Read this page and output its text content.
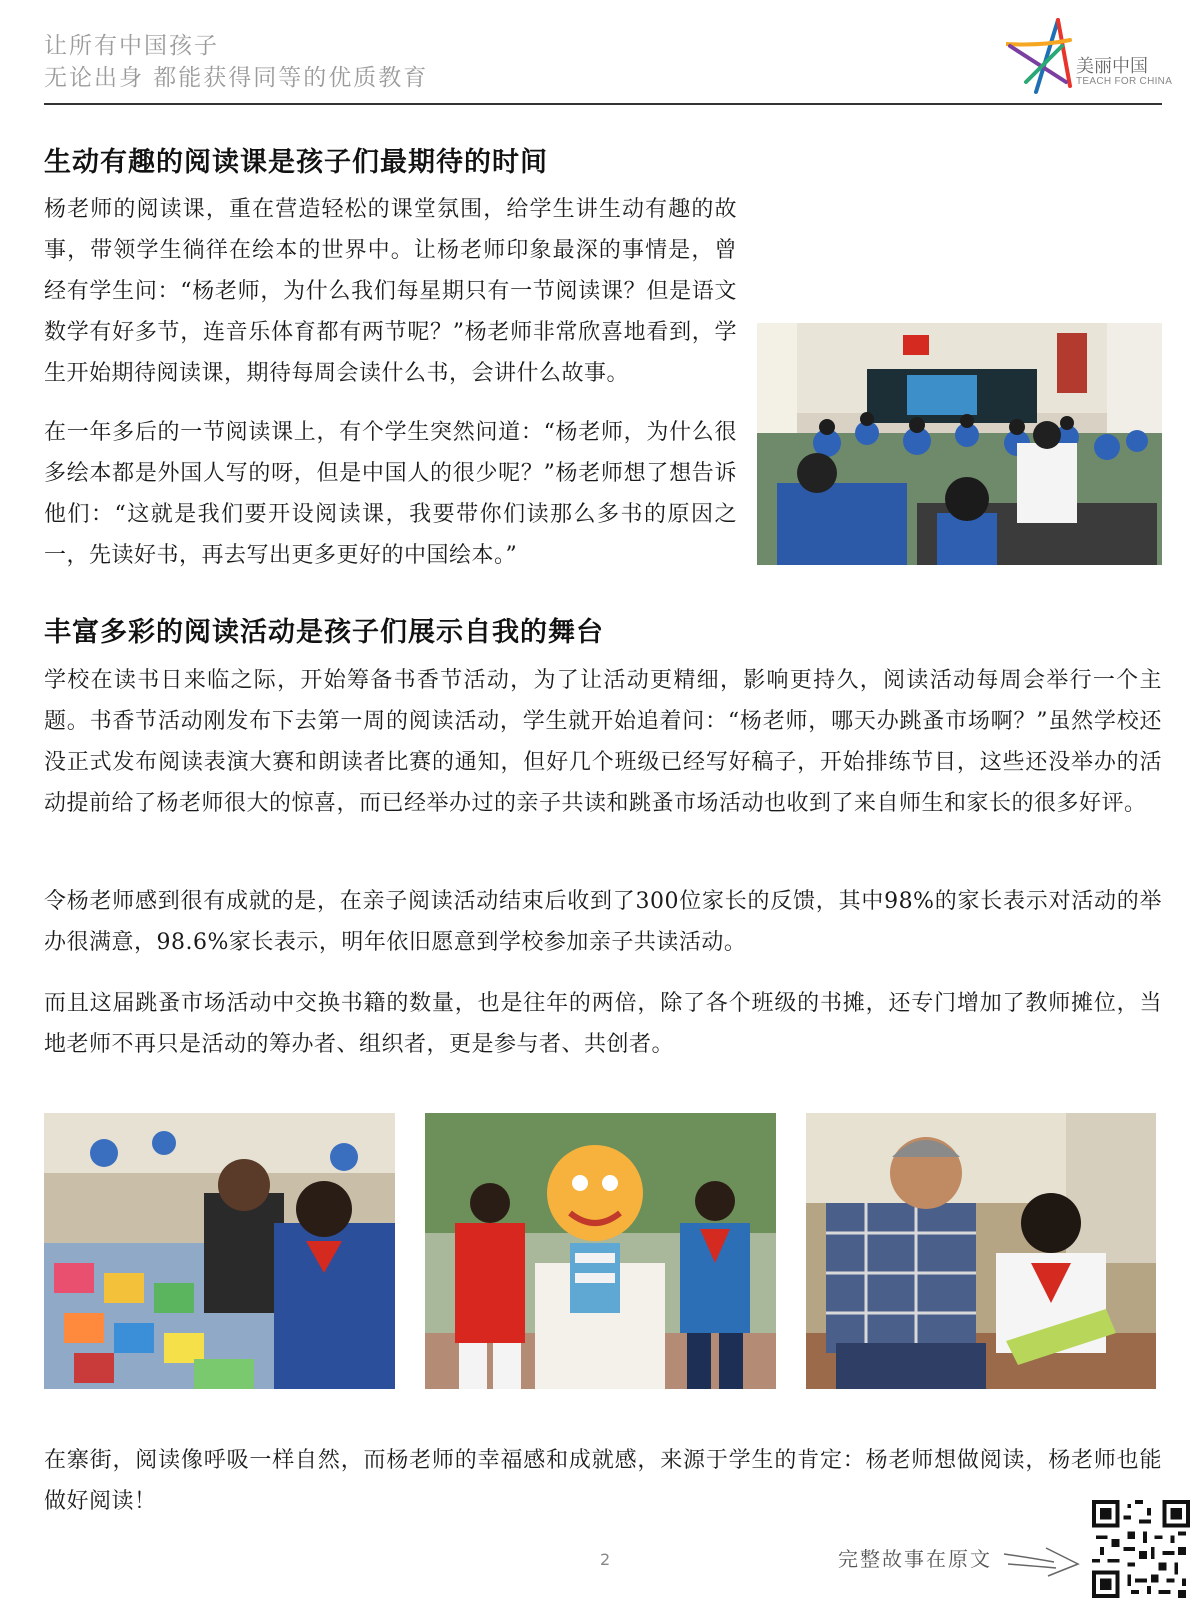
让所有中国孩子
无论出身 都能获得同等的优质教育	美丽中国
TEACH FOR CHINA
生动有趣的阅读课是孩子们最期待的时间

杨老师的阅读课，重在营造轻松的课堂氛围，给学生讲生动有趣的故事，带领学生徜徉在绘本的世界中。让杨老师印象最深的事情是，曾经有学生问：“杨老师，为什么我们每星期只有一节阅读课？但是语文数学有好多节，连音乐体育都有两节呢？”杨老师非常欣喜地看到，学生开始期待阅读课，期待每周会读什么书，会讲什么故事。

在一年多后的一节阅读课上，有个学生突然问道：“杨老师，为什么很多绘本都是外国人写的呀，但是中国人的很少呢？”杨老师想了想告诉他们：“这就是我们要开设阅读课，我要带你们读那么多书的原因之一，先读好书，再去写出更多更好的中国绘本。”

丰富多彩的阅读活动是孩子们展示自我的舞台

学校在读书日来临之际，开始筹备书香节活动，为了让活动更精细，影响更持久，阅读活动每周会举行一个主题。书香节活动刚发布下去第一周的阅读活动，学生就开始追着问：“杨老师，哪天办跳蚤市场啊？”虽然学校还没正式发布阅读表演大赛和朗读者比赛的通知，但好几个班级已经写好稿子，开始排练节目，这些还没举办的活动提前给了杨老师很大的惊喜，而已经举办过的亲子共读和跳蚤市场活动也收到了来自师生和家长的很多好评。

令杨老师感到很有成就的是，在亲子阅读活动结束后收到了300位家长的反馈，其中98%的家长表示对活动的举办很满意，98.6%家长表示，明年依旧愿意到学校参加亲子共读活动。

而且这届跳蚤市场活动中交换书籍的数量，也是往年的两倍，除了各个班级的书摊，还专门增加了教师摊位，当地老师不再只是活动的筹办者、组织者，更是参与者、共创者。

在寨街，阅读像呼吸一样自然，而杨老师的幸福感和成就感，来源于学生的肯定：杨老师想做阅读，杨老师也能做好阅读！

2	完整故事在原文
